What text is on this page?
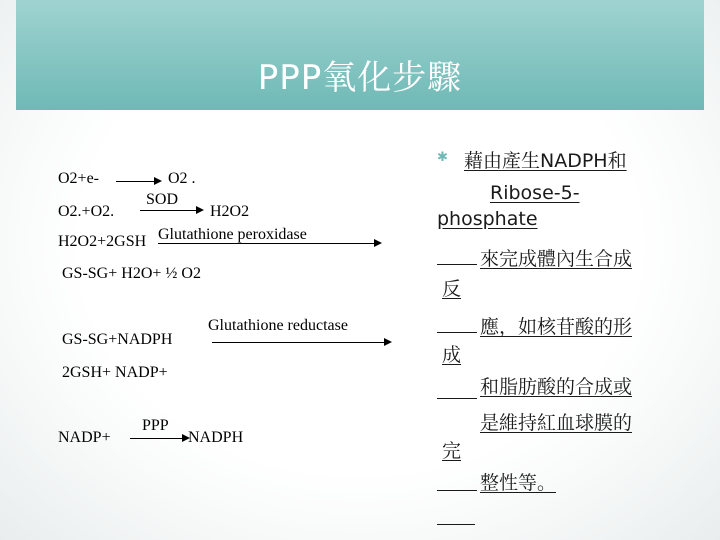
PPP氧化步驟
O2+e-	O2 .
O2.+O2.
SOD
H2O2
H2O2+2GSH Glutathione peroxidase
GS-SG+ H2O+ ½ O2
GS-SG+NADPH
Glutathione reductase
2GSH+ NADP+
NADP+
PPP
NADPH
✱ 藉由產生NADPH和
Ribose-5-
phosphate
來完成體內生合成
反
應，如核苷酸的形
成
和脂肪酸的合成或
是維持紅血球膜的
完
整性等。
